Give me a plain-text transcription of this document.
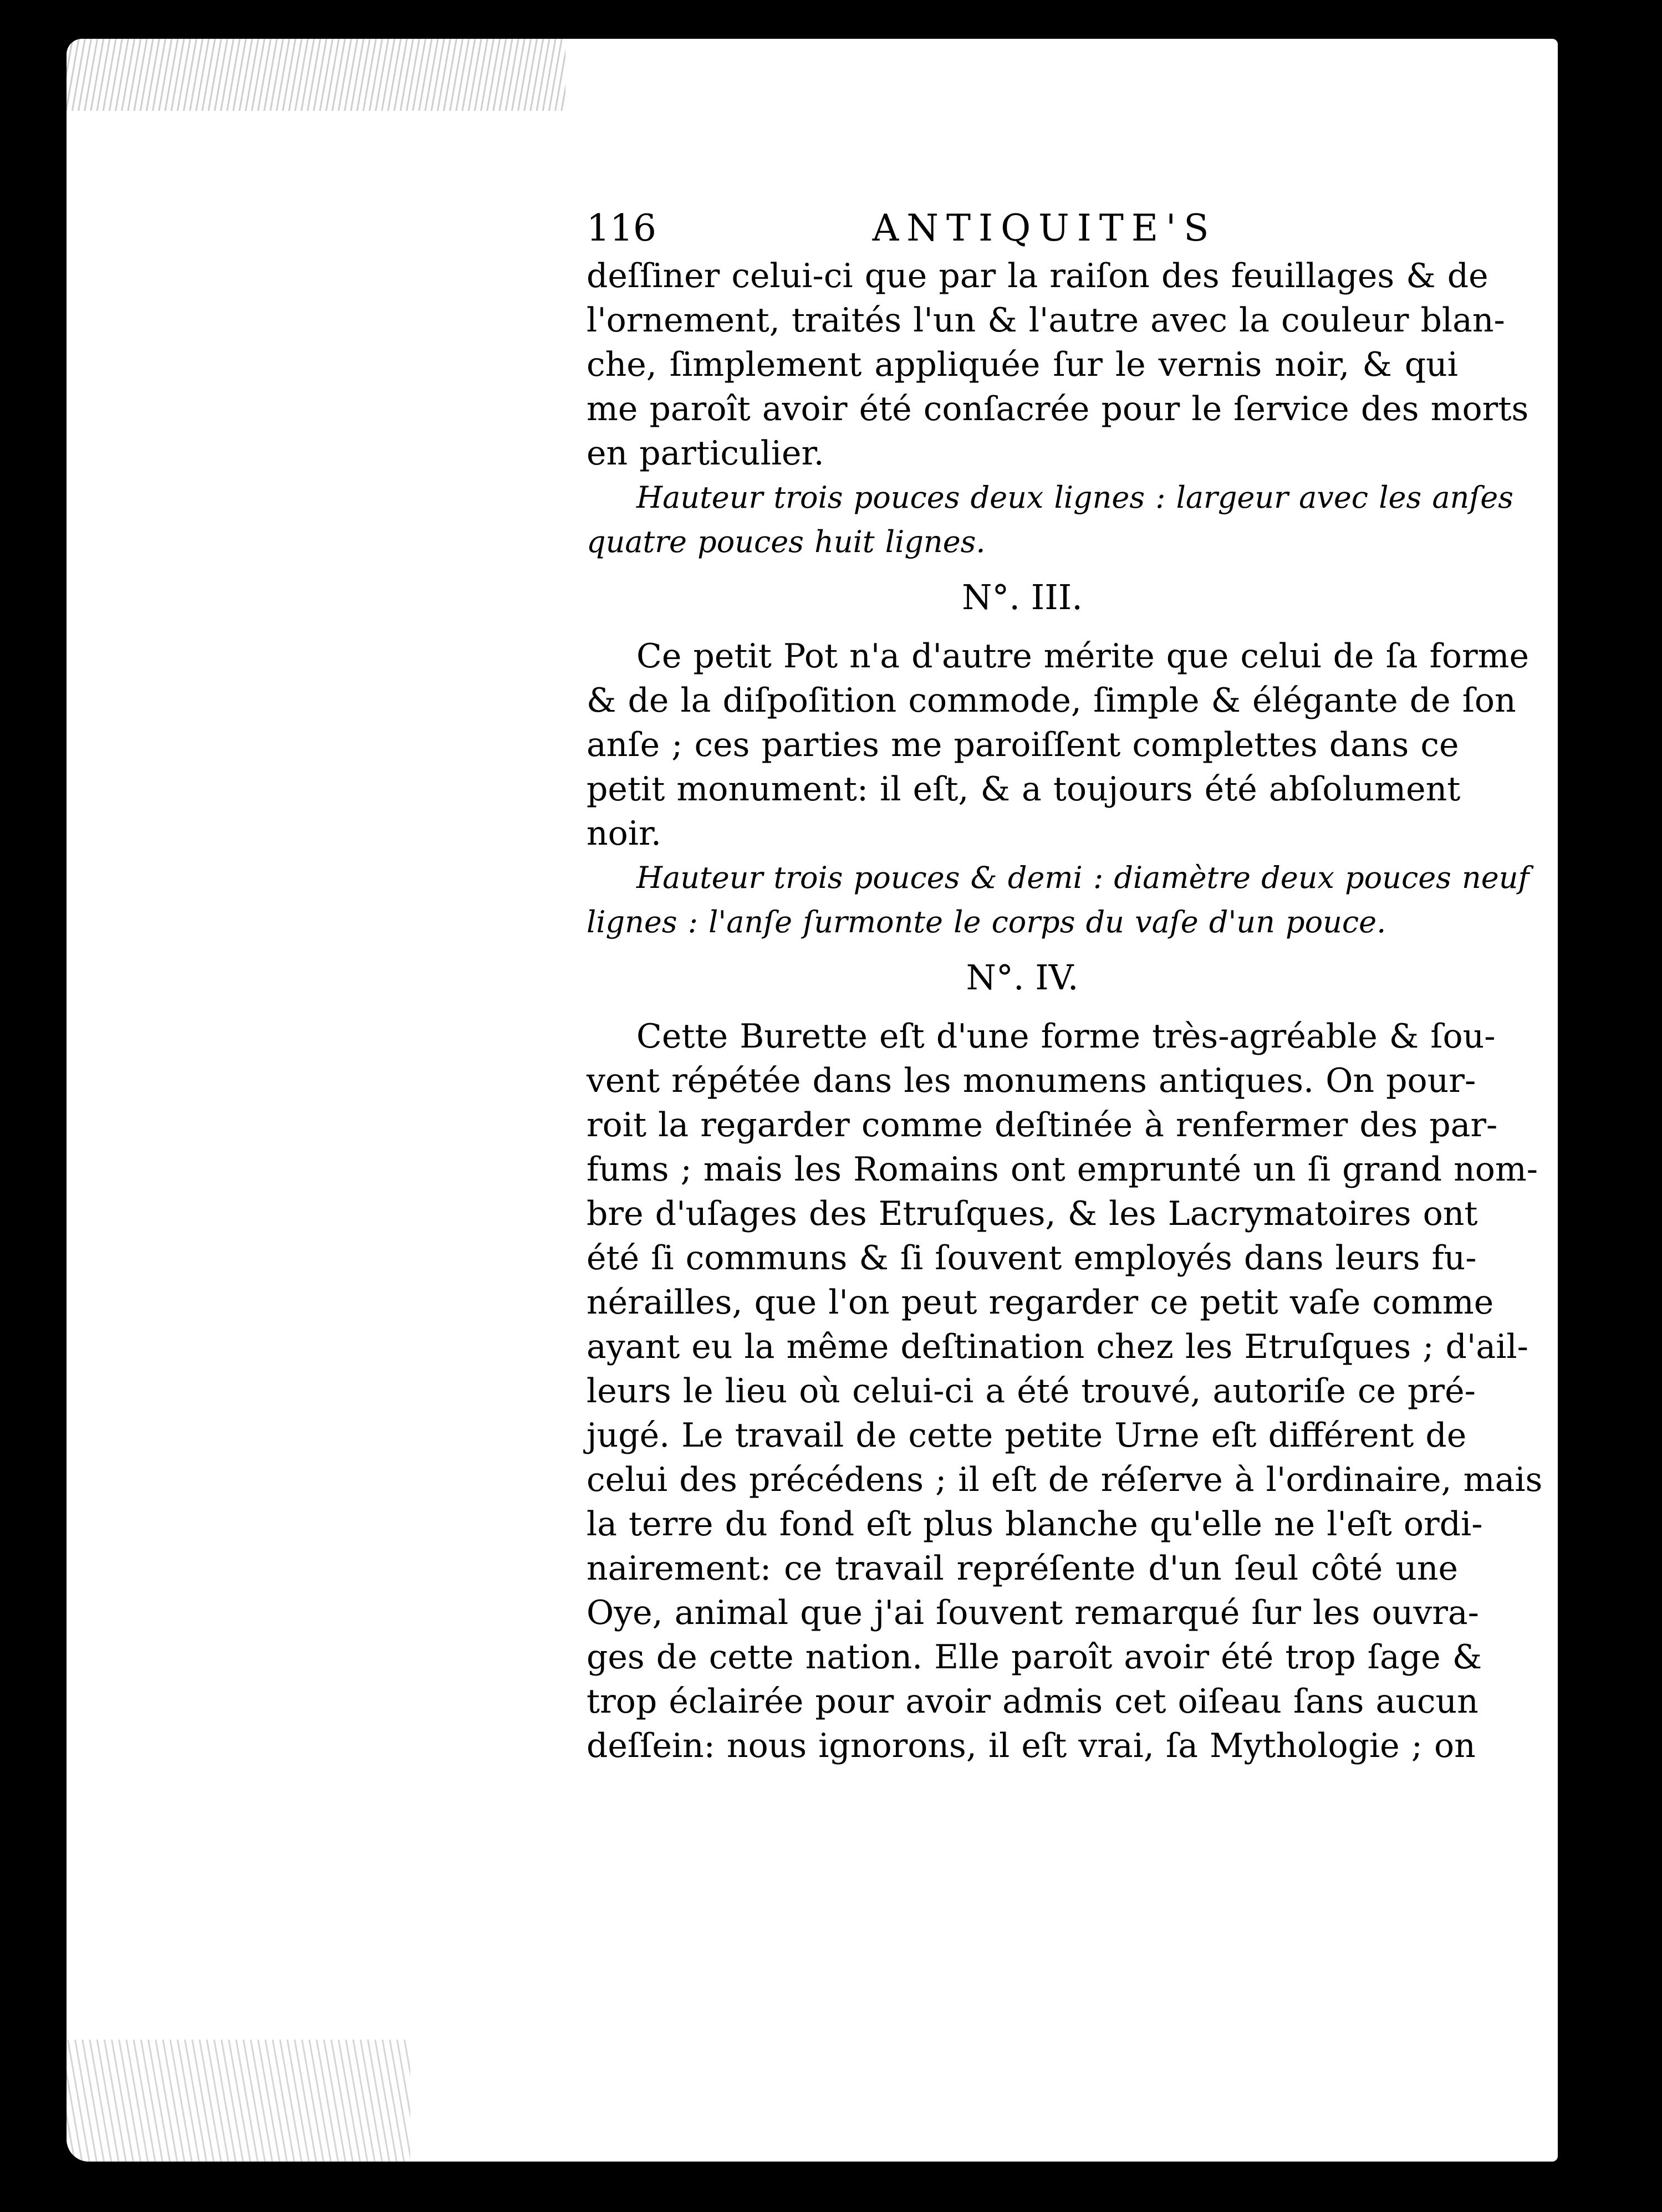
116	ANTIQUITE'S
deſſiner celui-ci que par la raiſon des feuillages & de
l'ornement, traités l'un & l'autre avec la couleur blan-
che, ſimplement appliquée ſur le vernis noir, & qui
me paroît avoir été conſacrée pour le ſervice des morts
en particulier.
Hauteur trois pouces deux lignes : largeur avec les anſes
quatre pouces huit lignes.
N°. III.
Ce petit Pot n'a d'autre mérite que celui de ſa forme
& de la diſpoſition commode, ſimple & élégante de ſon
anſe ; ces parties me paroiſſent complettes dans ce
petit monument: il eſt, & a toujours été abſolument
noir.
Hauteur trois pouces & demi : diamètre deux pouces neuf
lignes : l'anſe ſurmonte le corps du vaſe d'un pouce.
N°. IV.
Cette Burette eſt d'une forme très-agréable & ſou-
vent répétée dans les monumens antiques. On pour-
roit la regarder comme deſtinée à renfermer des par-
fums ; mais les Romains ont emprunté un ſi grand nom-
bre d'uſages des Etruſques, & les Lacrymatoires ont
été ſi communs & ſi ſouvent employés dans leurs fu-
nérailles, que l'on peut regarder ce petit vaſe comme
ayant eu la même deſtination chez les Etruſques ; d'ail-
leurs le lieu où celui-ci a été trouvé, autoriſe ce pré-
jugé. Le travail de cette petite Urne eſt différent de
celui des précédens ; il eſt de réſerve à l'ordinaire, mais
la terre du fond eſt plus blanche qu'elle ne l'eſt ordi-
nairement: ce travail repréſente d'un ſeul côté une
Oye, animal que j'ai ſouvent remarqué ſur les ouvra-
ges de cette nation. Elle paroît avoir été trop ſage &
trop éclairée pour avoir admis cet oiſeau ſans aucun
deſſein: nous ignorons, il eſt vrai, ſa Mythologie ; on
